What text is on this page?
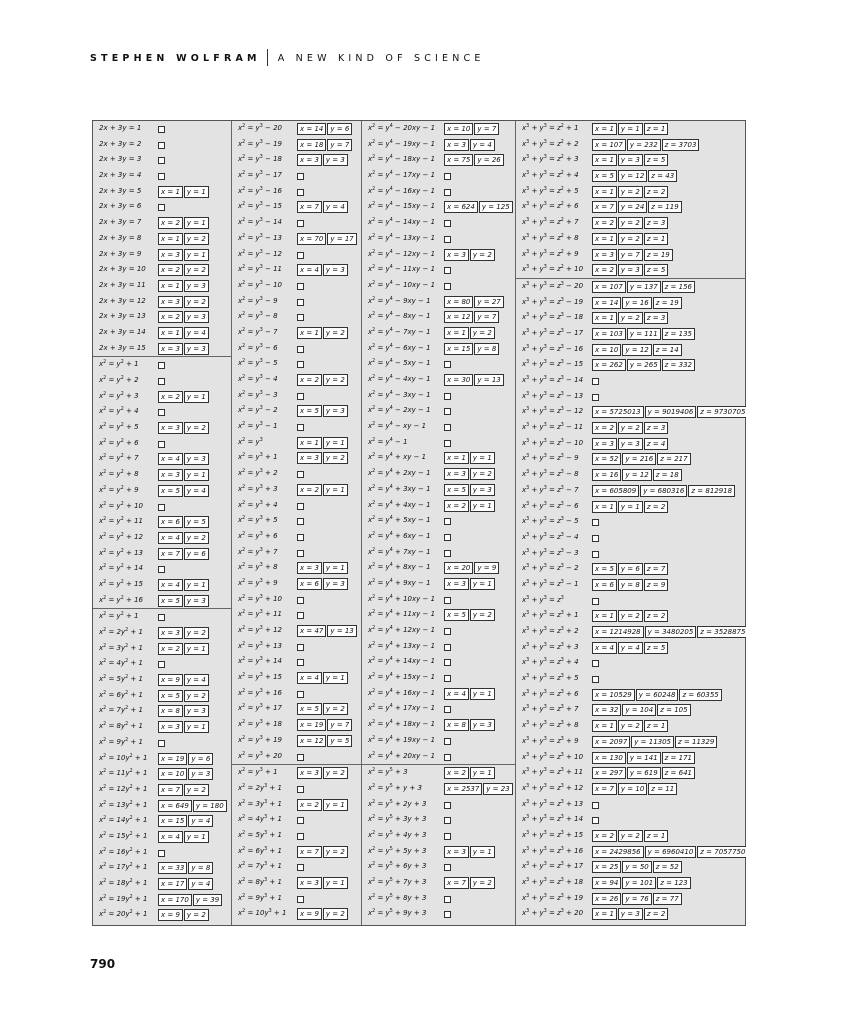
STEPHEN WOLFRAM A NEW KIND OF SCIENCE
2x + 3y = 1
2x + 3y = 2
2x + 3y = 3
2x + 3y = 4
2x + 3y = 5	x = 1	y = 1
2x + 3y = 6
2x + 3y = 7	x = 2	y = 1
2x + 3y = 8	x = 1	y = 2
2x + 3y = 9	x = 3	y = 1
2x + 3y = 10	x = 2	y = 2
2x + 3y = 11	x = 1	y = 3
2x + 3y = 12	x = 3	y = 2
2x + 3y = 13	x = 2	y = 3
2x + 3y = 14	x = 1	y = 4
2x + 3y = 15	x = 3	y = 3
$x^2 = y^2 + 1$
$x^2 = y^2 + 2$
$x^2 = y^2 + 3$	x = 2	y = 1
$x^2 = y^2 + 4$
$x^2 = y^2 + 5$	x = 3	y = 2
$x^2 = y^2 + 6$
$x^2 = y^2 + 7$	x = 4	y = 3
$x^2 = y^2 + 8$	x = 3	y = 1
$x^2 = y^2 + 9$	x = 5	y = 4
$x^2 = y^2 + 10$
$x^2 = y^2 + 11$	x = 6	y = 5
$x^2 = y^2 + 12$	x = 4	y = 2
$x^2 = y^2 + 13$	x = 7	y = 6
$x^2 = y^2 + 14$
$x^2 = y^2 + 15$	x = 4	y = 1
$x^2 = y^2 + 16$	x = 5	y = 3
$x^2 = y^2 + 1$
$x^2 = 2y^2 + 1$	x = 3	y = 2
$x^2 = 3y^2 + 1$	x = 2	y = 1
$x^2 = 4y^2 + 1$
$x^2 = 5y^2 + 1$	x = 9	y = 4
$x^2 = 6y^2 + 1$	x = 5	y = 2
$x^2 = 7y^2 + 1$	x = 8	y = 3
$x^2 = 8y^2 + 1$	x = 3	y = 1
$x^2 = 9y^2 + 1$
$x^2 = 10y^2 + 1$	x = 19	y = 6
$x^2 = 11y^2 + 1$	x = 10	y = 3
$x^2 = 12y^2 + 1$	x = 7	y = 2
$x^2 = 13y^2 + 1$	x = 649	y = 180
$x^2 = 14y^2 + 1$	x = 15	y = 4
$x^2 = 15y^2 + 1$	x = 4	y = 1
$x^2 = 16y^2 + 1$
$x^2 = 17y^2 + 1$	x = 33	y = 8
$x^2 = 18y^2 + 1$	x = 17	y = 4
$x^2 = 19y^2 + 1$	x = 170	y = 39
$x^2 = 20y^2 + 1$	x = 9	y = 2
$x^2 = y^3 - 20$	x = 14	y = 6
$x^2 = y^3 - 19$	x = 18	y = 7
$x^2 = y^3 - 18$	x = 3	y = 3
$x^2 = y^3 - 17$
$x^2 = y^3 - 16$
$x^2 = y^3 - 15$	x = 7	y = 4
$x^2 = y^3 - 14$
$x^2 = y^3 - 13$	x = 70	y = 17
$x^2 = y^3 - 12$
$x^2 = y^3 - 11$	x = 4	y = 3
$x^2 = y^3 - 10$
$x^2 = y^3 - 9$
$x^2 = y^3 - 8$
$x^2 = y^3 - 7$	x = 1	y = 2
$x^2 = y^3 - 6$
$x^2 = y^3 - 5$
$x^2 = y^3 - 4$	x = 2	y = 2
$x^2 = y^3 - 3$
$x^2 = y^3 - 2$	x = 5	y = 3
$x^2 = y^3 - 1$
$x^2 = y^3$	x = 1	y = 1
$x^2 = y^3 + 1$	x = 3	y = 2
$x^2 = y^3 + 2$
$x^2 = y^3 + 3$	x = 2	y = 1
$x^2 = y^3 + 4$
$x^2 = y^3 + 5$
$x^2 = y^3 + 6$
$x^2 = y^3 + 7$
$x^2 = y^3 + 8$	x = 3	y = 1
$x^2 = y^3 + 9$	x = 6	y = 3
$x^2 = y^3 + 10$
$x^2 = y^3 + 11$
$x^2 = y^3 + 12$	x = 47	y = 13
$x^2 = y^3 + 13$
$x^2 = y^3 + 14$
$x^2 = y^3 + 15$	x = 4	y = 1
$x^2 = y^3 + 16$
$x^2 = y^3 + 17$	x = 5	y = 2
$x^2 = y^3 + 18$	x = 19	y = 7
$x^2 = y^3 + 19$	x = 12	y = 5
$x^2 = y^3 + 20$
$x^2 = y^3 + 1$	x = 3	y = 2
$x^2 = 2y^3 + 1$
$x^2 = 3y^3 + 1$	x = 2	y = 1
$x^2 = 4y^3 + 1$
$x^2 = 5y^3 + 1$
$x^2 = 6y^3 + 1$	x = 7	y = 2
$x^2 = 7y^3 + 1$
$x^2 = 8y^3 + 1$	x = 3	y = 1
$x^2 = 9y^3 + 1$
$x^2 = 10y^3 + 1$	x = 9	y = 2
$x^2 = y^4 - 20xy - 1$	x = 10	y = 7
$x^2 = y^4 - 19xy - 1$	x = 3	y = 4
$x^2 = y^4 - 18xy - 1$	x = 75	y = 26
$x^2 = y^4 - 17xy - 1$
$x^2 = y^4 - 16xy - 1$
$x^2 = y^4 - 15xy - 1$	x = 624	y = 125
$x^2 = y^4 - 14xy - 1$
$x^2 = y^4 - 13xy - 1$
$x^2 = y^4 - 12xy - 1$	x = 3	y = 2
$x^2 = y^4 - 11xy - 1$
$x^2 = y^4 - 10xy - 1$
$x^2 = y^4 - 9xy - 1$	x = 80	y = 27
$x^2 = y^4 - 8xy - 1$	x = 12	y = 7
$x^2 = y^4 - 7xy - 1$	x = 1	y = 2
$x^2 = y^4 - 6xy - 1$	x = 15	y = 8
$x^2 = y^4 - 5xy - 1$
$x^2 = y^4 - 4xy - 1$	x = 30	y = 13
$x^2 = y^4 - 3xy - 1$
$x^2 = y^4 - 2xy - 1$
$x^2 = y^4$ − xy − 1
$x^2 = y^4 - 1$
$x^2 = y^4$ + xy − 1	x = 1	y = 1
$x^2 = y^4 + 2xy - 1$	x = 3	y = 2
$x^2 = y^4 + 3xy - 1$	x = 5	y = 3
$x^2 = y^4 + 4xy - 1$	x = 2	y = 1
$x^2 = y^4 + 5xy - 1$
$x^2 = y^4 + 6xy - 1$
$x^2 = y^4 + 7xy - 1$
$x^2 = y^4 + 8xy - 1$	x = 20	y = 9
$x^2 = y^4 + 9xy - 1$	x = 3	y = 1
$x^2 = y^4 + 10xy - 1$
$x^2 = y^4 + 11xy - 1$	x = 5	y = 2
$x^2 = y^4 + 12xy - 1$
$x^2 = y^4 + 13xy - 1$
$x^2 = y^4 + 14xy - 1$
$x^2 = y^4 + 15xy - 1$
$x^2 = y^4 + 16xy - 1$	x = 4	y = 1
$x^2 = y^4 + 17xy - 1$
$x^2 = y^4 + 18xy - 1$	x = 8	y = 3
$x^2 = y^4 + 19xy - 1$
$x^2 = y^4 + 20xy - 1$
$x^2 = y^5 + 3$	x = 2	y = 1
$x^2 = y^5 + y + 3$	x = 2537	y = 23
$x^2 = y^5 + 2y + 3$
$x^2 = y^5 + 3y + 3$
$x^2 = y^5 + 4y + 3$
$x^2 = y^5 + 5y + 3$	x = 3	y = 1
$x^2 = y^5 + 6y + 3$
$x^2 = y^5 + 7y + 3$	x = 7	y = 2
$x^2 = y^5 + 8y + 3$
$x^2 = y^5 + 9y + 3$
$x^3 + y^3 = z^2 + 1$	x = 1	y = 1	z = 1
$x^3 + y^3 = z^2 + 2$	x = 107	y = 232	z = 3703
$x^3 + y^3 = z^2 + 3$	x = 1	y = 3	z = 5
$x^3 + y^3 = z^2 + 4$	x = 5	y = 12	z = 43
$x^3 + y^3 = z^2 + 5$	x = 1	y = 2	z = 2
$x^3 + y^3 = z^2 + 6$	x = 7	y = 24	z = 119
$x^3 + y^3 = z^2 + 7$	x = 2	y = 2	z = 3
$x^3 + y^3 = z^2 + 8$	x = 1	y = 2	z = 1
$x^3 + y^3 = z^2 + 9$	x = 3	y = 7	z = 19
$x^3 + y^3 = z^2 + 10$	x = 2	y = 3	z = 5
$x^3 + y^3 = z^3 - 20$	x = 107	y = 137	z = 156
$x^3 + y^3 = z^3 - 19$	x = 14	y = 16	z = 19
$x^3 + y^3 = z^3 - 18$	x = 1	y = 2	z = 3
$x^3 + y^3 = z^3 - 17$	x = 103	y = 111	z = 135
$x^3 + y^3 = z^3 - 16$	x = 10	y = 12	z = 14
$x^3 + y^3 = z^3 - 15$	x = 262	y = 265	z = 332
$x^3 + y^3 = z^3 - 14$
$x^3 + y^3 = z^3 - 13$
$x^3 + y^3 = z^3 - 12$	x = 5725013	y = 9019406	z = 9730705
$x^3 + y^3 = z^3 - 11$	x = 2	y = 2	z = 3
$x^3 + y^3 = z^3 - 10$	x = 3	y = 3	z = 4
$x^3 + y^3 = z^3 - 9$	x = 52	y = 216	z = 217
$x^3 + y^3 = z^3 - 8$	x = 16	y = 12	z = 18
$x^3 + y^3 = z^3 - 7$	x = 605809	y = 680316	z = 812918
$x^3 + y^3 = z^3 - 6$	x = 1	y = 1	z = 2
$x^3 + y^3 = z^3 - 5$
$x^3 + y^3 = z^3 - 4$
$x^3 + y^3 = z^3 - 3$
$x^3 + y^3 = z^3 - 2$	x = 5	y = 6	z = 7
$x^3 + y^3 = z^3 - 1$	x = 6	y = 8	z = 9
$x^3 + y^3 = z^3$
$x^3 + y^3 = z^3 + 1$	x = 1	y = 2	z = 2
$x^3 + y^3 = z^3 + 2$	x = 1214928	y = 3480205	z = 3528875
$x^3 + y^3 = z^3 + 3$	x = 4	y = 4	z = 5
$x^3 + y^3 = z^3 + 4$
$x^3 + y^3 = z^3 + 5$
$x^3 + y^3 = z^3 + 6$	x = 10529	y = 60248	z = 60355
$x^3 + y^3 = z^3 + 7$	x = 32	y = 104	z = 105
$x^3 + y^3 = z^3 + 8$	x = 1	y = 2	z = 1
$x^3 + y^3 = z^3 + 9$	x = 2097	y = 11305	z = 11329
$x^3 + y^3 = z^3 + 10$	x = 130	y = 141	z = 171
$x^3 + y^3 = z^3 + 11$	x = 297	y = 619	z = 641
$x^3 + y^3 = z^3 + 12$	x = 7	y = 10	z = 11
$x^3 + y^3 = z^3 + 13$
$x^3 + y^3 = z^3 + 14$
$x^3 + y^3 = z^3 + 15$	x = 2	y = 2	z = 1
$x^3 + y^3 = z^3 + 16$	x = 2429856	y = 6960410	z = 7057750
$x^3 + y^3 = z^3 + 17$	x = 25	y = 50	z = 52
$x^3 + y^3 = z^3 + 18$	x = 94	y = 101	z = 123
$x^3 + y^3 = z^3 + 19$	x = 26	y = 76	z = 77
$x^3 + y^3 = z^3 + 20$	x = 1	y = 3	z = 2
790
